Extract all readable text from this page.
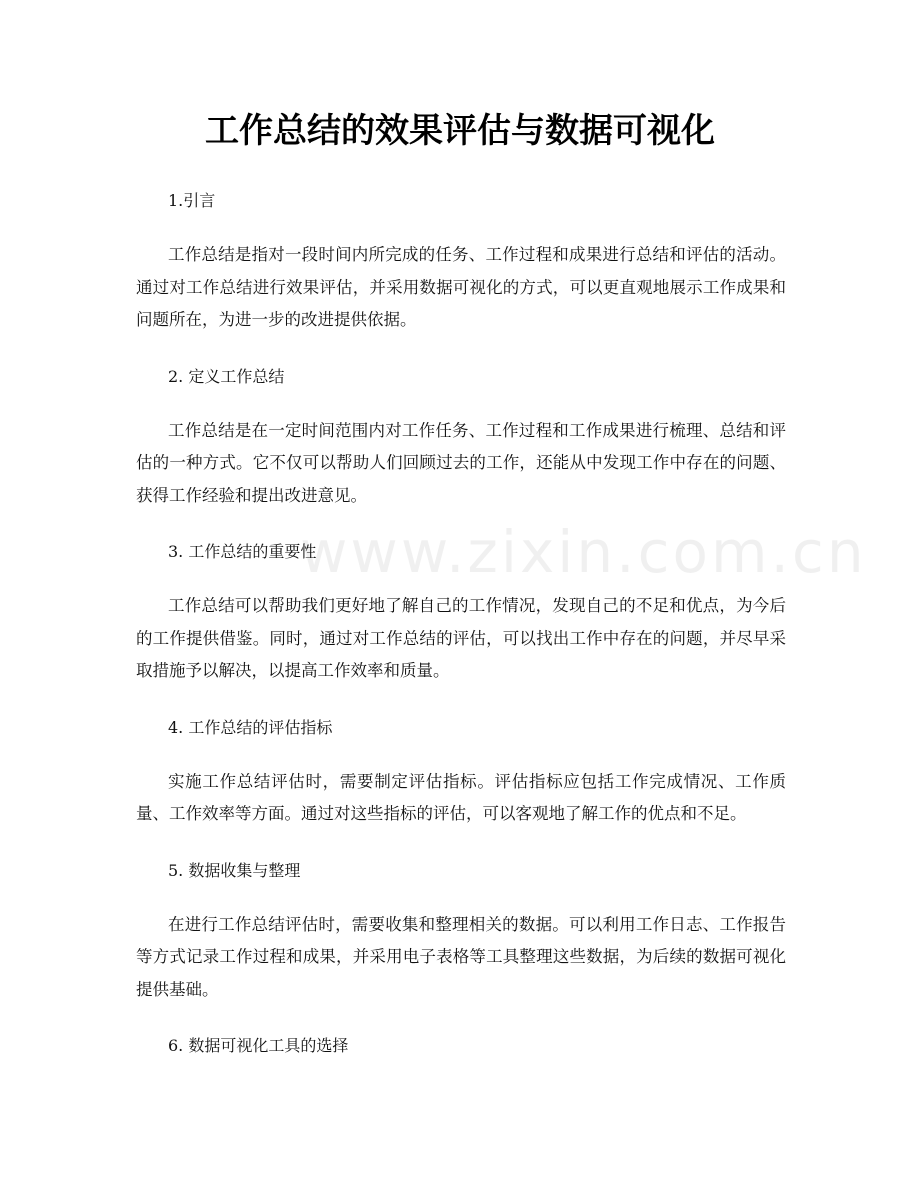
www.zixin.com.cn
工作总结的效果评估与数据可视化

1.引言

工作总结是指对一段时间内所完成的任务、工作过程和成果进行总结和评估的活动。通过对工作总结进行效果评估，并采用数据可视化的方式，可以更直观地展示工作成果和问题所在，为进一步的改进提供依据。

2. 定义工作总结

工作总结是在一定时间范围内对工作任务、工作过程和工作成果进行梳理、总结和评估的一种方式。它不仅可以帮助人们回顾过去的工作，还能从中发现工作中存在的问题、获得工作经验和提出改进意见。

3. 工作总结的重要性

工作总结可以帮助我们更好地了解自己的工作情况，发现自己的不足和优点，为今后的工作提供借鉴。同时，通过对工作总结的评估，可以找出工作中存在的问题，并尽早采取措施予以解决，以提高工作效率和质量。

4. 工作总结的评估指标

实施工作总结评估时，需要制定评估指标。评估指标应包括工作完成情况、工作质量、工作效率等方面。通过对这些指标的评估，可以客观地了解工作的优点和不足。

5. 数据收集与整理

在进行工作总结评估时，需要收集和整理相关的数据。可以利用工作日志、工作报告等方式记录工作过程和成果，并采用电子表格等工具整理这些数据，为后续的数据可视化提供基础。

6. 数据可视化工具的选择
